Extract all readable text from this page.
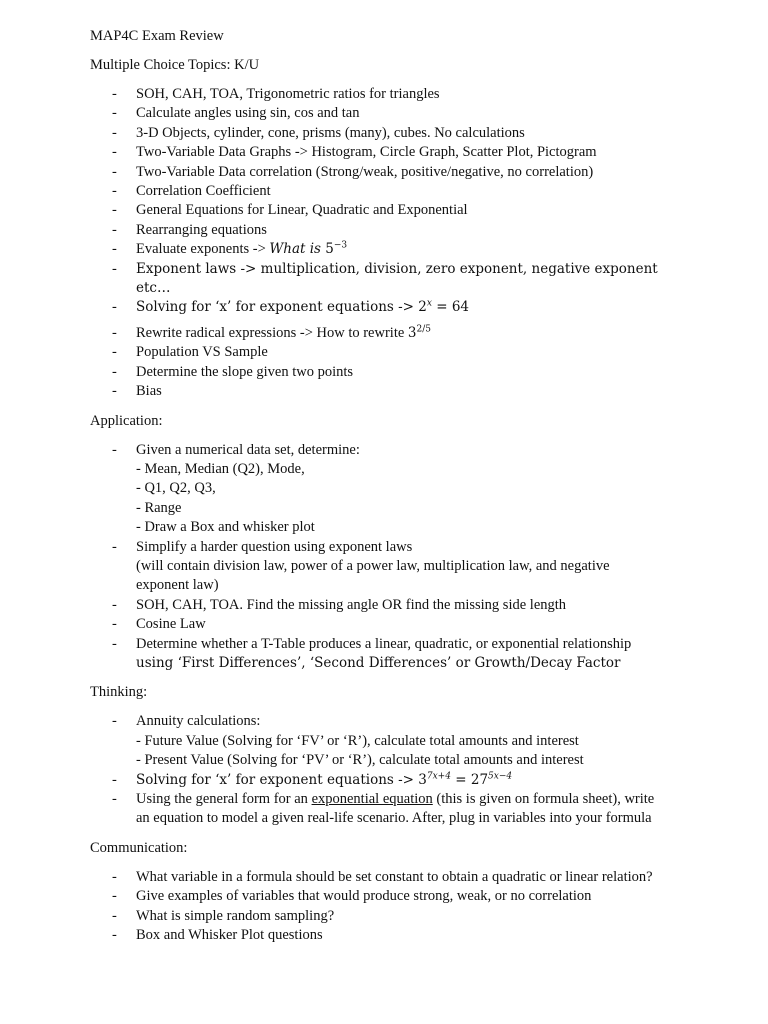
MAP4C Exam Review
Multiple Choice Topics: K/U
- SOH, CAH, TOA, Trigonometric ratios for triangles
- Calculate angles using sin, cos and tan
- 3-D Objects, cylinder, cone, prisms (many), cubes. No calculations
- Two-Variable Data Graphs -> Histogram, Circle Graph, Scatter Plot, Pictogram
- Two-Variable Data correlation (Strong/weak, positive/negative, no correlation)
- Correlation Coefficient
- General Equations for Linear, Quadratic and Exponential
- Rearranging equations
- Evaluate exponents -> What is $5^{-3}$
- Exponent laws -> multiplication, division, zero exponent, negative exponent etc…
- Solving for ‘x’ for exponent equations -> $2^x = 64$
- Rewrite radical expressions -> How to rewrite $3^{2/5}$
- Population VS Sample
- Determine the slope given two points
- Bias
Application:
- Given a numerical data set, determine:
- Mean, Median (Q2), Mode,
- Q1, Q2, Q3,
- Range
- Draw a Box and whisker plot
- Simplify a harder question using exponent laws
(will contain division law, power of a power law, multiplication law, and negative
exponent law)
- SOH, CAH, TOA. Find the missing angle OR find the missing side length
- Cosine Law
- Determine whether a T-Table produces a linear, quadratic, or exponential relationship
using ‘First Differences’, ‘Second Differences’ or Growth/Decay Factor
Thinking:
- Annuity calculations:
- Future Value (Solving for ‘FV’ or ‘R’), calculate total amounts and interest
- Present Value (Solving for ‘PV’ or ‘R’), calculate total amounts and interest
- Solving for ‘x’ for exponent equations -> $3^{7x+4} = 27^{5x-4}$
- Using the general form for an exponential equation (this is given on formula sheet), write
an equation to model a given real-life scenario. After, plug in variables into your formula
Communication:
- What variable in a formula should be set constant to obtain a quadratic or linear relation?
- Give examples of variables that would produce strong, weak, or no correlation
- What is simple random sampling?
- Box and Whisker Plot questions
